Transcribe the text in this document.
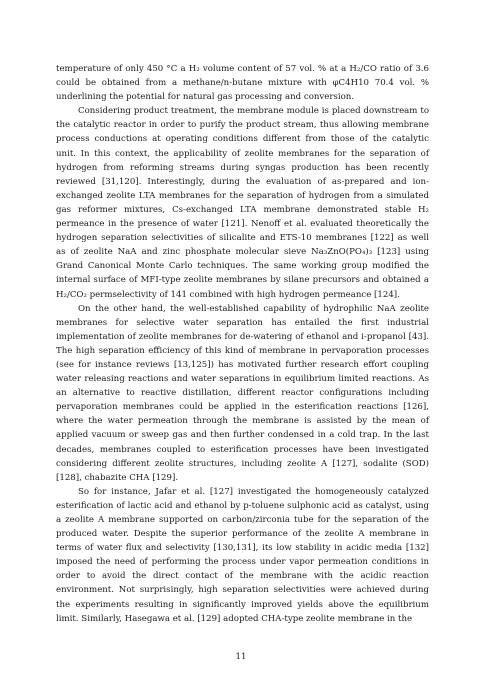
temperature of only 450 °C a H₂ volume content of 57 vol. % at a H₂/CO ratio of 3.6 could be obtained from a methane/n-butane mixture with φC4H10 70.4 vol. % underlining the potential for natural gas processing and conversion.

Considering product treatment, the membrane module is placed downstream to the catalytic reactor in order to purify the product stream, thus allowing membrane process conductions at operating conditions different from those of the catalytic unit. In this context, the applicability of zeolite membranes for the separation of hydrogen from reforming streams during syngas production has been recently reviewed [31,120]. Interestingly, during the evaluation of as-prepared and ion-exchanged zeolite LTA membranes for the separation of hydrogen from a simulated gas reformer mixtures, Cs-exchanged LTA membrane demonstrated stable H₂ permeance in the presence of water [121]. Nenoff et al. evaluated theoretically the hydrogen separation selectivities of silicalite and ETS-10 membranes [122] as well as of zeolite NaA and zinc phosphate molecular sieve Na₃ZnO(PO₄)₃ [123] using Grand Canonical Monte Carlo techniques. The same working group modified the internal surface of MFI-type zeolite membranes by silane precursors and obtained a H₂/CO₂ permselectivity of 141 combined with high hydrogen permeance [124].

On the other hand, the well-established capability of hydrophilic NaA zeolite membranes for selective water separation has entailed the first industrial implementation of zeolite membranes for de-watering of ethanol and i-propanol [43]. The high separation efficiency of this kind of membrane in pervaporation processes (see for instance reviews [13,125]) has motivated further research effort coupling water releasing reactions and water separations in equilibrium limited reactions. As an alternative to reactive distillation, different reactor configurations including pervaporation membranes could be applied in the esterification reactions [126], where the water permeation through the membrane is assisted by the mean of applied vacuum or sweep gas and then further condensed in a cold trap. In the last decades, membranes coupled to esterification processes have been investigated considering different zeolite structures, including zeolite A [127], sodalite (SOD) [128], chabazite CHA [129].

So for instance, Jafar et al. [127] investigated the homogeneously catalyzed esterification of lactic acid and ethanol by p-toluene sulphonic acid as catalyst, using a zeolite A membrane supported on carbon/zirconia tube for the separation of the produced water. Despite the superior performance of the zeolite A membrane in terms of water flux and selectivity [130,131], its low stability in acidic media [132] imposed the need of performing the process under vapor permeation conditions in order to avoid the direct contact of the membrane with the acidic reaction environment. Not surprisingly, high separation selectivities were achieved during the experiments resulting in significantly improved yields above the equilibrium limit. Similarly, Hasegawa et al. [129] adopted CHA-type zeolite membrane in the

11
